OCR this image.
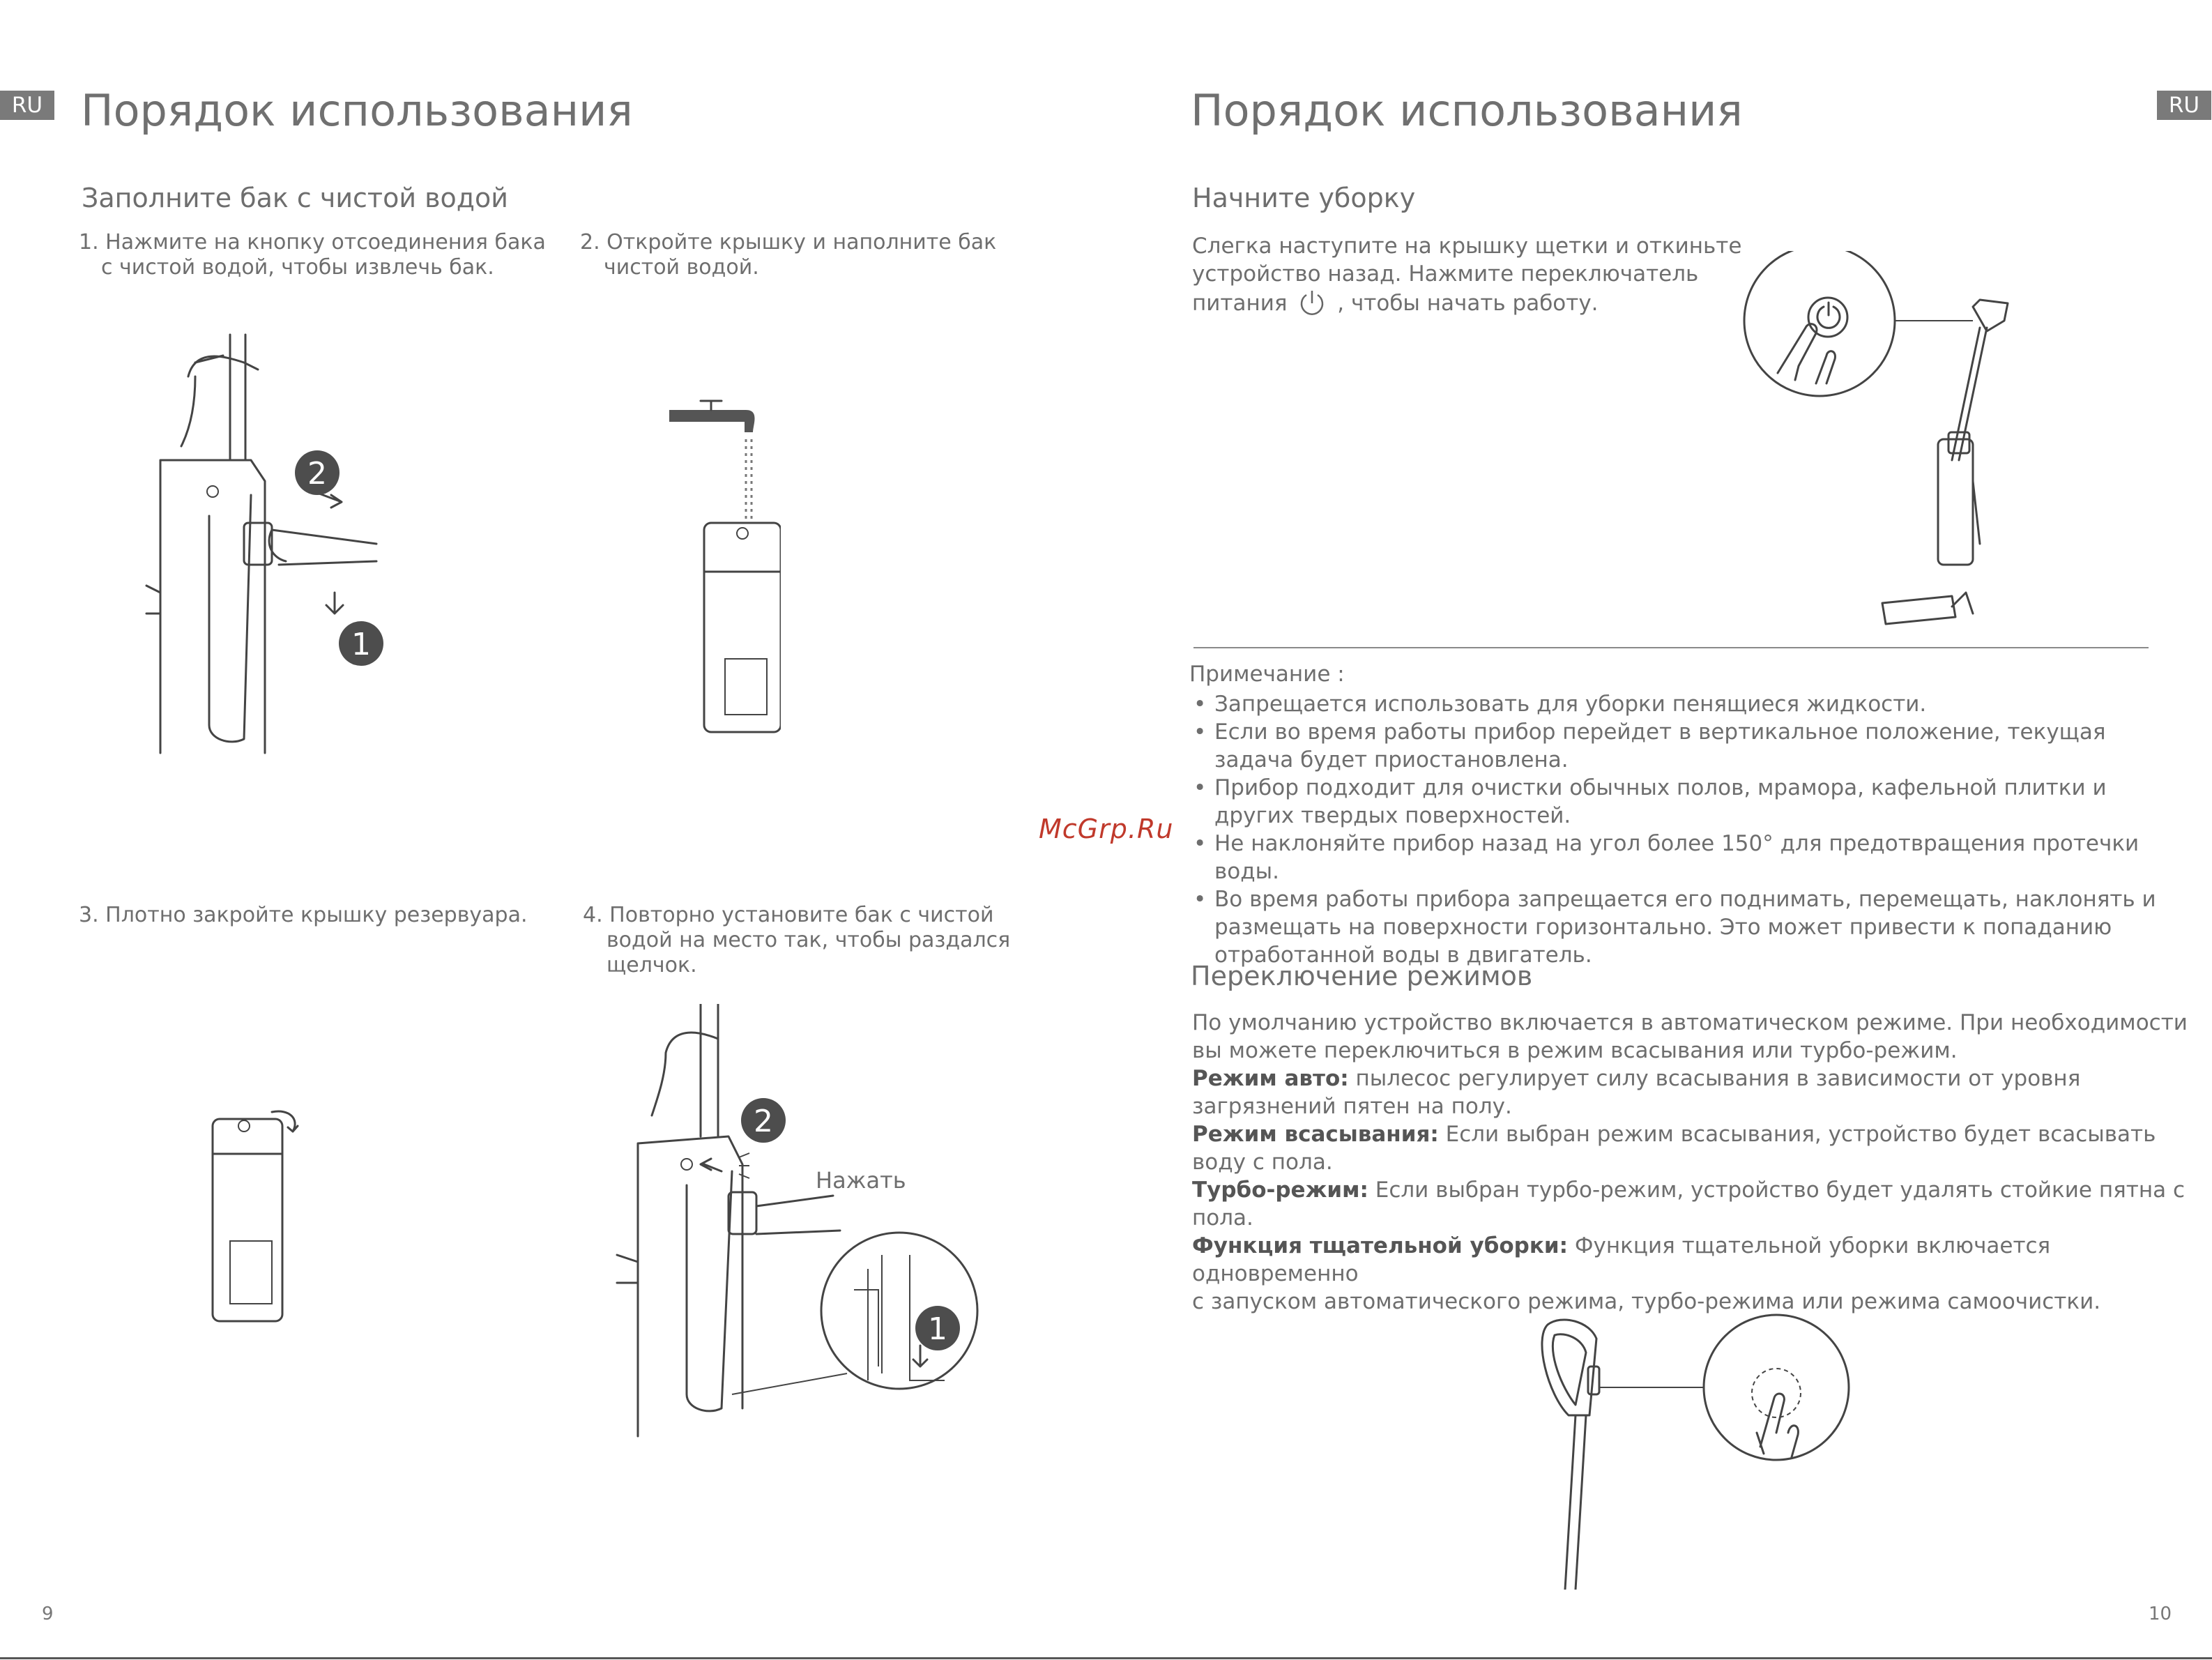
RU Порядок использования
Заполните бак с чистой водой
1. Нажмите на кнопку отсоединения бака
с чистой водой, чтобы извлечь бак.
2. Откройте крышку и наполните бак
чистой водой.
3. Плотно закройте крышку резервуара.	4. Повторно установите бак с чистой
водой на место так, чтобы раздался
щелчок.
2
1
2
1
Нажать
9
McGrp.Ru
RU
Порядок использования
Начните уборку
Слегка наступите на крышку щетки и откиньте
устройство назад. Нажмите переключатель
питания , чтобы начать работу.
Примечание :
• Запрещается использовать для уборки пенящиеся жидкости.
• Если во время работы прибор перейдет в вертикальное положение, текущая
задача будет приостановлена.
• Прибор подходит для очистки обычных полов, мрамора, кафельной плитки и
других твердых поверхностей.
• Не наклоняйте прибор назад на угол более 150° для предотвращения протечки воды.
• Во время работы прибора запрещается его поднимать, перемещать, наклонять и
размещать на поверхности горизонтально. Это может привести к попаданию
отработанной воды в двигатель.
Переключение режимов
По умолчанию устройство включается в автоматическом режиме. При необходимости
вы можете переключиться в режим всасывания или турбо-режим.
Режим авто: пылесос регулирует силу всасывания в зависимости от уровня
загрязнений пятен на полу.
Режим всасывания: Если выбран режим всасывания, устройство будет всасывать
воду с пола.
Турбо-режим: Если выбран турбо-режим, устройство будет удалять стойкие пятна с
пола.
Функция тщательной уборки: Функция тщательной уборки включается одновременно
с запуском автоматического режима, турбо-режима или режима самоочистки.
10
